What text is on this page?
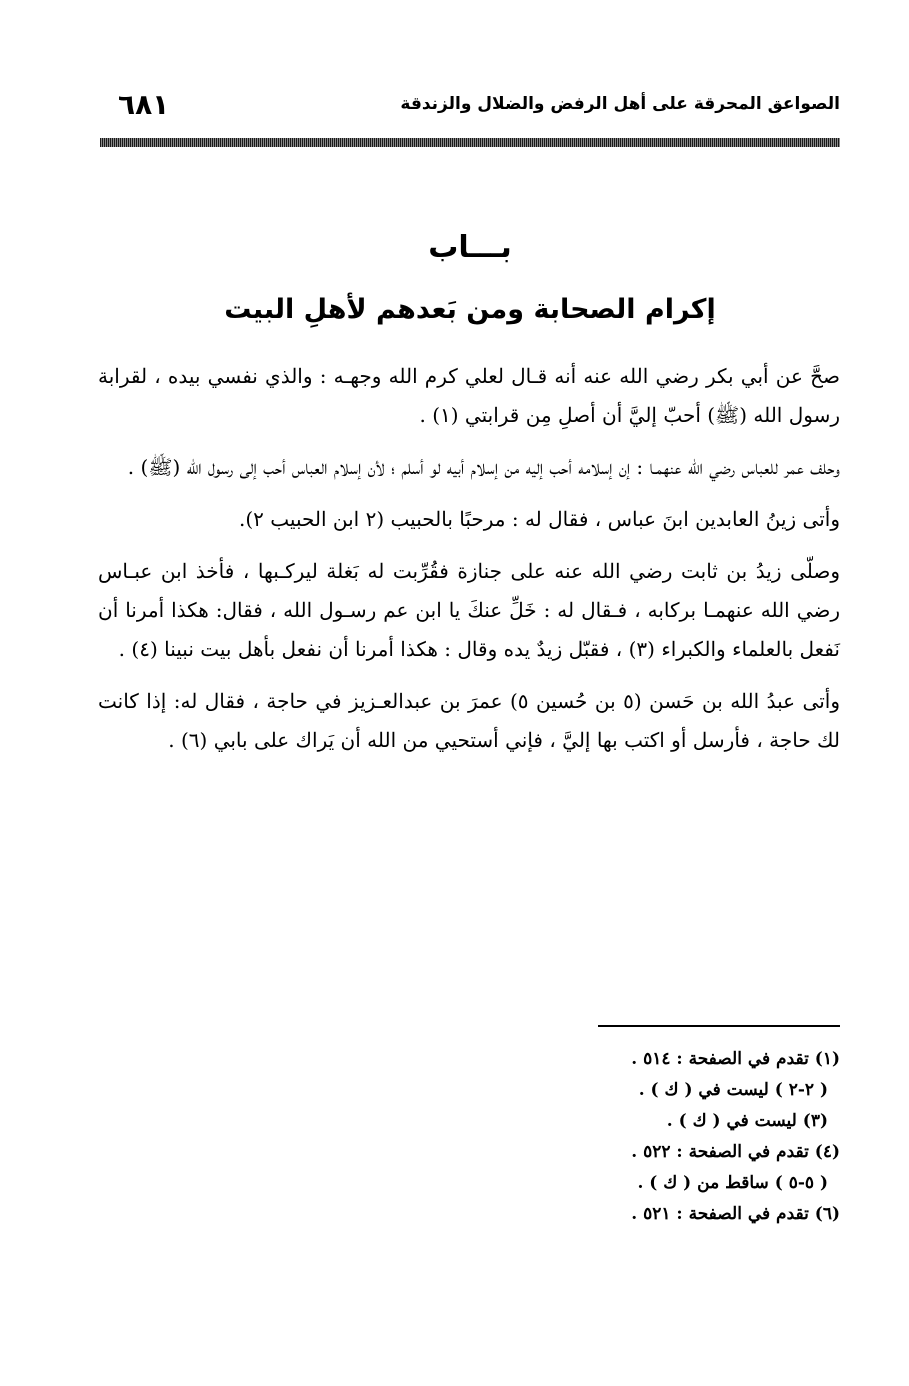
الصواعق المحرقة على أهل الرفض والضلال والزندقة
٦٨١
بـــاب
إكرام الصحابة ومن بَعدهم لأهلِ البيت

صحَّ عن أبي بكر رضي الله عنه أنه قـال لعلي كرم الله وجهـه : والذي نفسي بيده ، لقرابة رسول الله (ﷺ) أحبّ إليَّ أن أصلِ مِن قرابتي (١) .

وحلف عمر للعباس رضي الله عنهمـا : إن إسلامه أحب إليه من إسلام أبيه لو أسلم ؛ لأن إسلام العباس أحب إلى رسول الله (ﷺ) .

وأتى زينُ العابدين ابنَ عباس ، فقال له : مرحبًا بالحبيب (٢ ابن الحبيب ٢).

وصلّى زيدُ بن ثابت رضي الله عنه على جنازة فقُرِّبت له بَغلة ليركـبها ، فأخذ ابن عبـاس رضي الله عنهمـا بركابه ، فـقال له : خَلِّ عنكَ يا ابن عم رسـول الله ، فقال: هكذا أمرنا أن نَفعل بالعلماء والكبراء (٣) ، فقبّل زيدٌ يده وقال : هكذا أمرنا أن نفعل بأهل بيت نبينا (٤) .

وأتى عبدُ الله بن حَسن (٥ بن حُسين ٥) عمرَ بن عبدالعـزيز في حاجة ، فقال له: إذا كانت لك حاجة ، فأرسل أو اكتب بها إليَّ ، فإني أستحيي من الله أن يَراك على بابي (٦) .

(١) تقدم في الصفحة : ٥١٤ .
( ٢-٢ ) ليست في ( ك ) .
(٣) ليست في ( ك ) .
(٤) تقدم في الصفحة : ٥٢٢ .
( ٥-٥ ) ساقط من ( ك ) .
(٦) تقدم في الصفحة : ٥٢١ .
